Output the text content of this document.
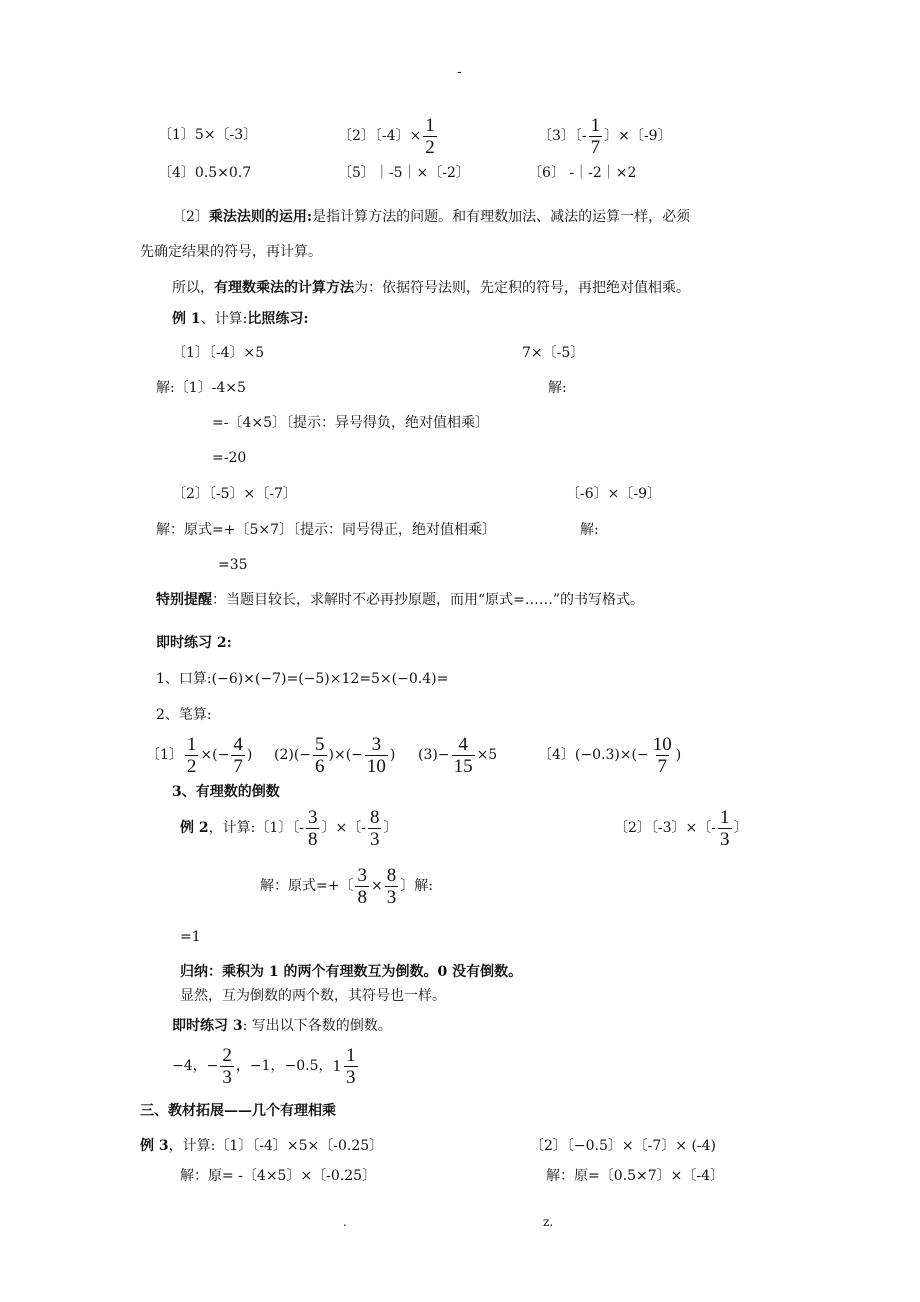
-
〔1〕5×〔-3〕	〔2〕〔-4〕× $\frac{1}{2}$	〔3〕〔- $\frac{1}{7}$ 〕×〔-9〕
〔4〕0.5×0.7	〔5〕｜-5｜×〔-2〕	〔6〕 -｜-2｜×2
〔2〕乘法法则的运用:是指计算方法的问题。和有理数加法、减法的运算一样，必须
先确定结果的符号，再计算。
所以，有理数乘法的计算方法为：依据符号法则，先定积的符号，再把绝对值相乘。
例 1、计算:比照练习:
〔1〕〔-4〕×5	7×〔-5〕
解:〔1〕-4×5	解:
=-〔4×5〕〔提示：异号得负，绝对值相乘〕
=-20
〔2〕〔-5〕×〔-7〕	〔-6〕×〔-9〕
解：原式=+〔5×7〕〔提示：同号得正，绝对值相乘〕	解:
=35
特别提醒：当题目较长，求解时不必再抄原题，而用“原式=……”的书写格式。
即时练习 2:
1、口算:(−6)×(−7)=(−5)×12=5×(−0.4)=
2、笔算:
〔1〕 $\frac{1}{2}$ ×(− $\frac{4}{7}$ ) $(2)(- \frac{5}{6}$ )×(− $\frac{3}{10}$ ) $(3)- \frac{4}{15} \times 5$	〔4〕$(-0.3)\times(- \frac{10}{7}$ )
3、有理数的倒数
例 2，计算:〔1〕〔- $\frac{3}{8}$ 〕×〔- $\frac{8}{3}$ 〕	〔2〕〔-3〕×〔- $\frac{1}{3}$ 〕
解：原式=+〔 $\frac{3}{8} \times \frac{8}{3}$ 〕解:
=1
归纳：乘积为 1 的两个有理数互为倒数。0 没有倒数。
显然，互为倒数的两个数，其符号也一样。
即时练习 3: 写出以下各数的倒数。
−4，− $\frac{2}{3}$ ，−1，−0.5， $1 \frac{1}{3}$
三、教材拓展——几个有理相乘
例 3，计算:〔1〕〔-4〕×5×〔-0.25〕	〔2〕〔−0.5〕×〔-7〕× (-4)
解：原= -〔4×5〕×〔-0.25〕	解：原=〔0.5×7〕×〔-4〕
.	z.
